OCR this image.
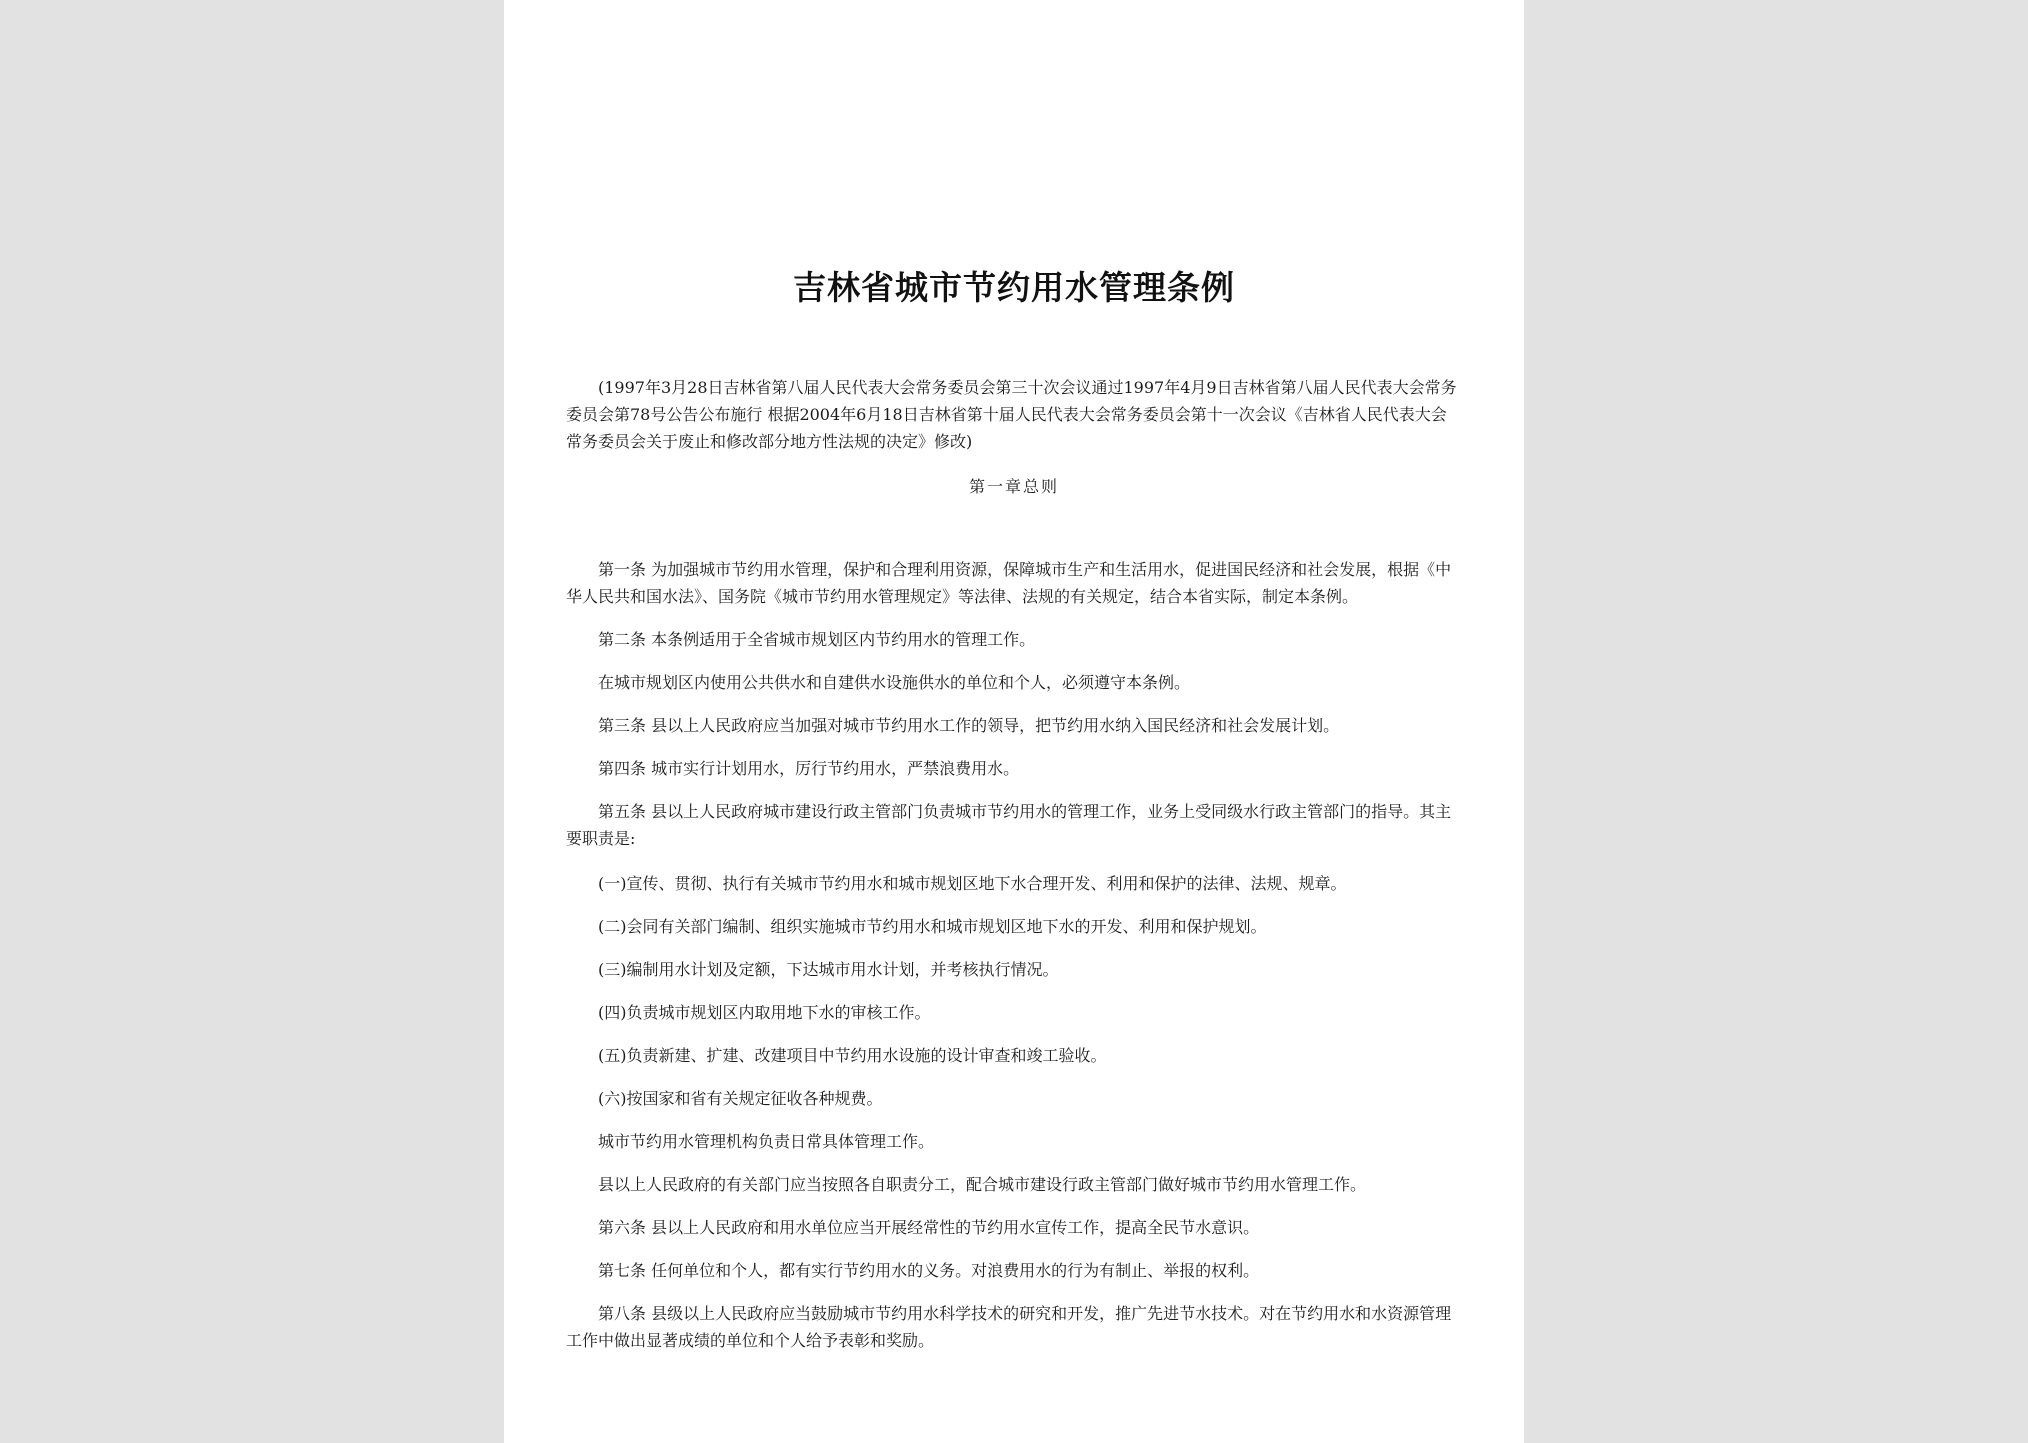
吉林省城市节约用水管理条例

(1997年3月28日吉林省第八届人民代表大会常务委员会第三十次会议通过1997年4月9日吉林省第八届人民代表大会常务委员会第78号公告公布施行 根据2004年6月18日吉林省第十届人民代表大会常务委员会第十一次会议《吉林省人民代表大会常务委员会关于废止和修改部分地方性法规的决定》修改)

第一章总则

第一条 为加强城市节约用水管理，保护和合理利用资源，保障城市生产和生活用水，促进国民经济和社会发展，根据《中华人民共和国水法》、国务院《城市节约用水管理规定》等法律、法规的有关规定，结合本省实际，制定本条例。

第二条 本条例适用于全省城市规划区内节约用水的管理工作。

在城市规划区内使用公共供水和自建供水设施供水的单位和个人，必须遵守本条例。

第三条 县以上人民政府应当加强对城市节约用水工作的领导，把节约用水纳入国民经济和社会发展计划。

第四条 城市实行计划用水，厉行节约用水，严禁浪费用水。

第五条 县以上人民政府城市建设行政主管部门负责城市节约用水的管理工作，业务上受同级水行政主管部门的指导。其主要职责是:

(一)宣传、贯彻、执行有关城市节约用水和城市规划区地下水合理开发、利用和保护的法律、法规、规章。

(二)会同有关部门编制、组织实施城市节约用水和城市规划区地下水的开发、利用和保护规划。

(三)编制用水计划及定额，下达城市用水计划，并考核执行情况。

(四)负责城市规划区内取用地下水的审核工作。

(五)负责新建、扩建、改建项目中节约用水设施的设计审查和竣工验收。

(六)按国家和省有关规定征收各种规费。

城市节约用水管理机构负责日常具体管理工作。

县以上人民政府的有关部门应当按照各自职责分工，配合城市建设行政主管部门做好城市节约用水管理工作。

第六条 县以上人民政府和用水单位应当开展经常性的节约用水宣传工作，提高全民节水意识。

第七条 任何单位和个人，都有实行节约用水的义务。对浪费用水的行为有制止、举报的权利。

第八条 县级以上人民政府应当鼓励城市节约用水科学技术的研究和开发，推广先进节水技术。对在节约用水和水资源管理工作中做出显著成绩的单位和个人给予表彰和奖励。
